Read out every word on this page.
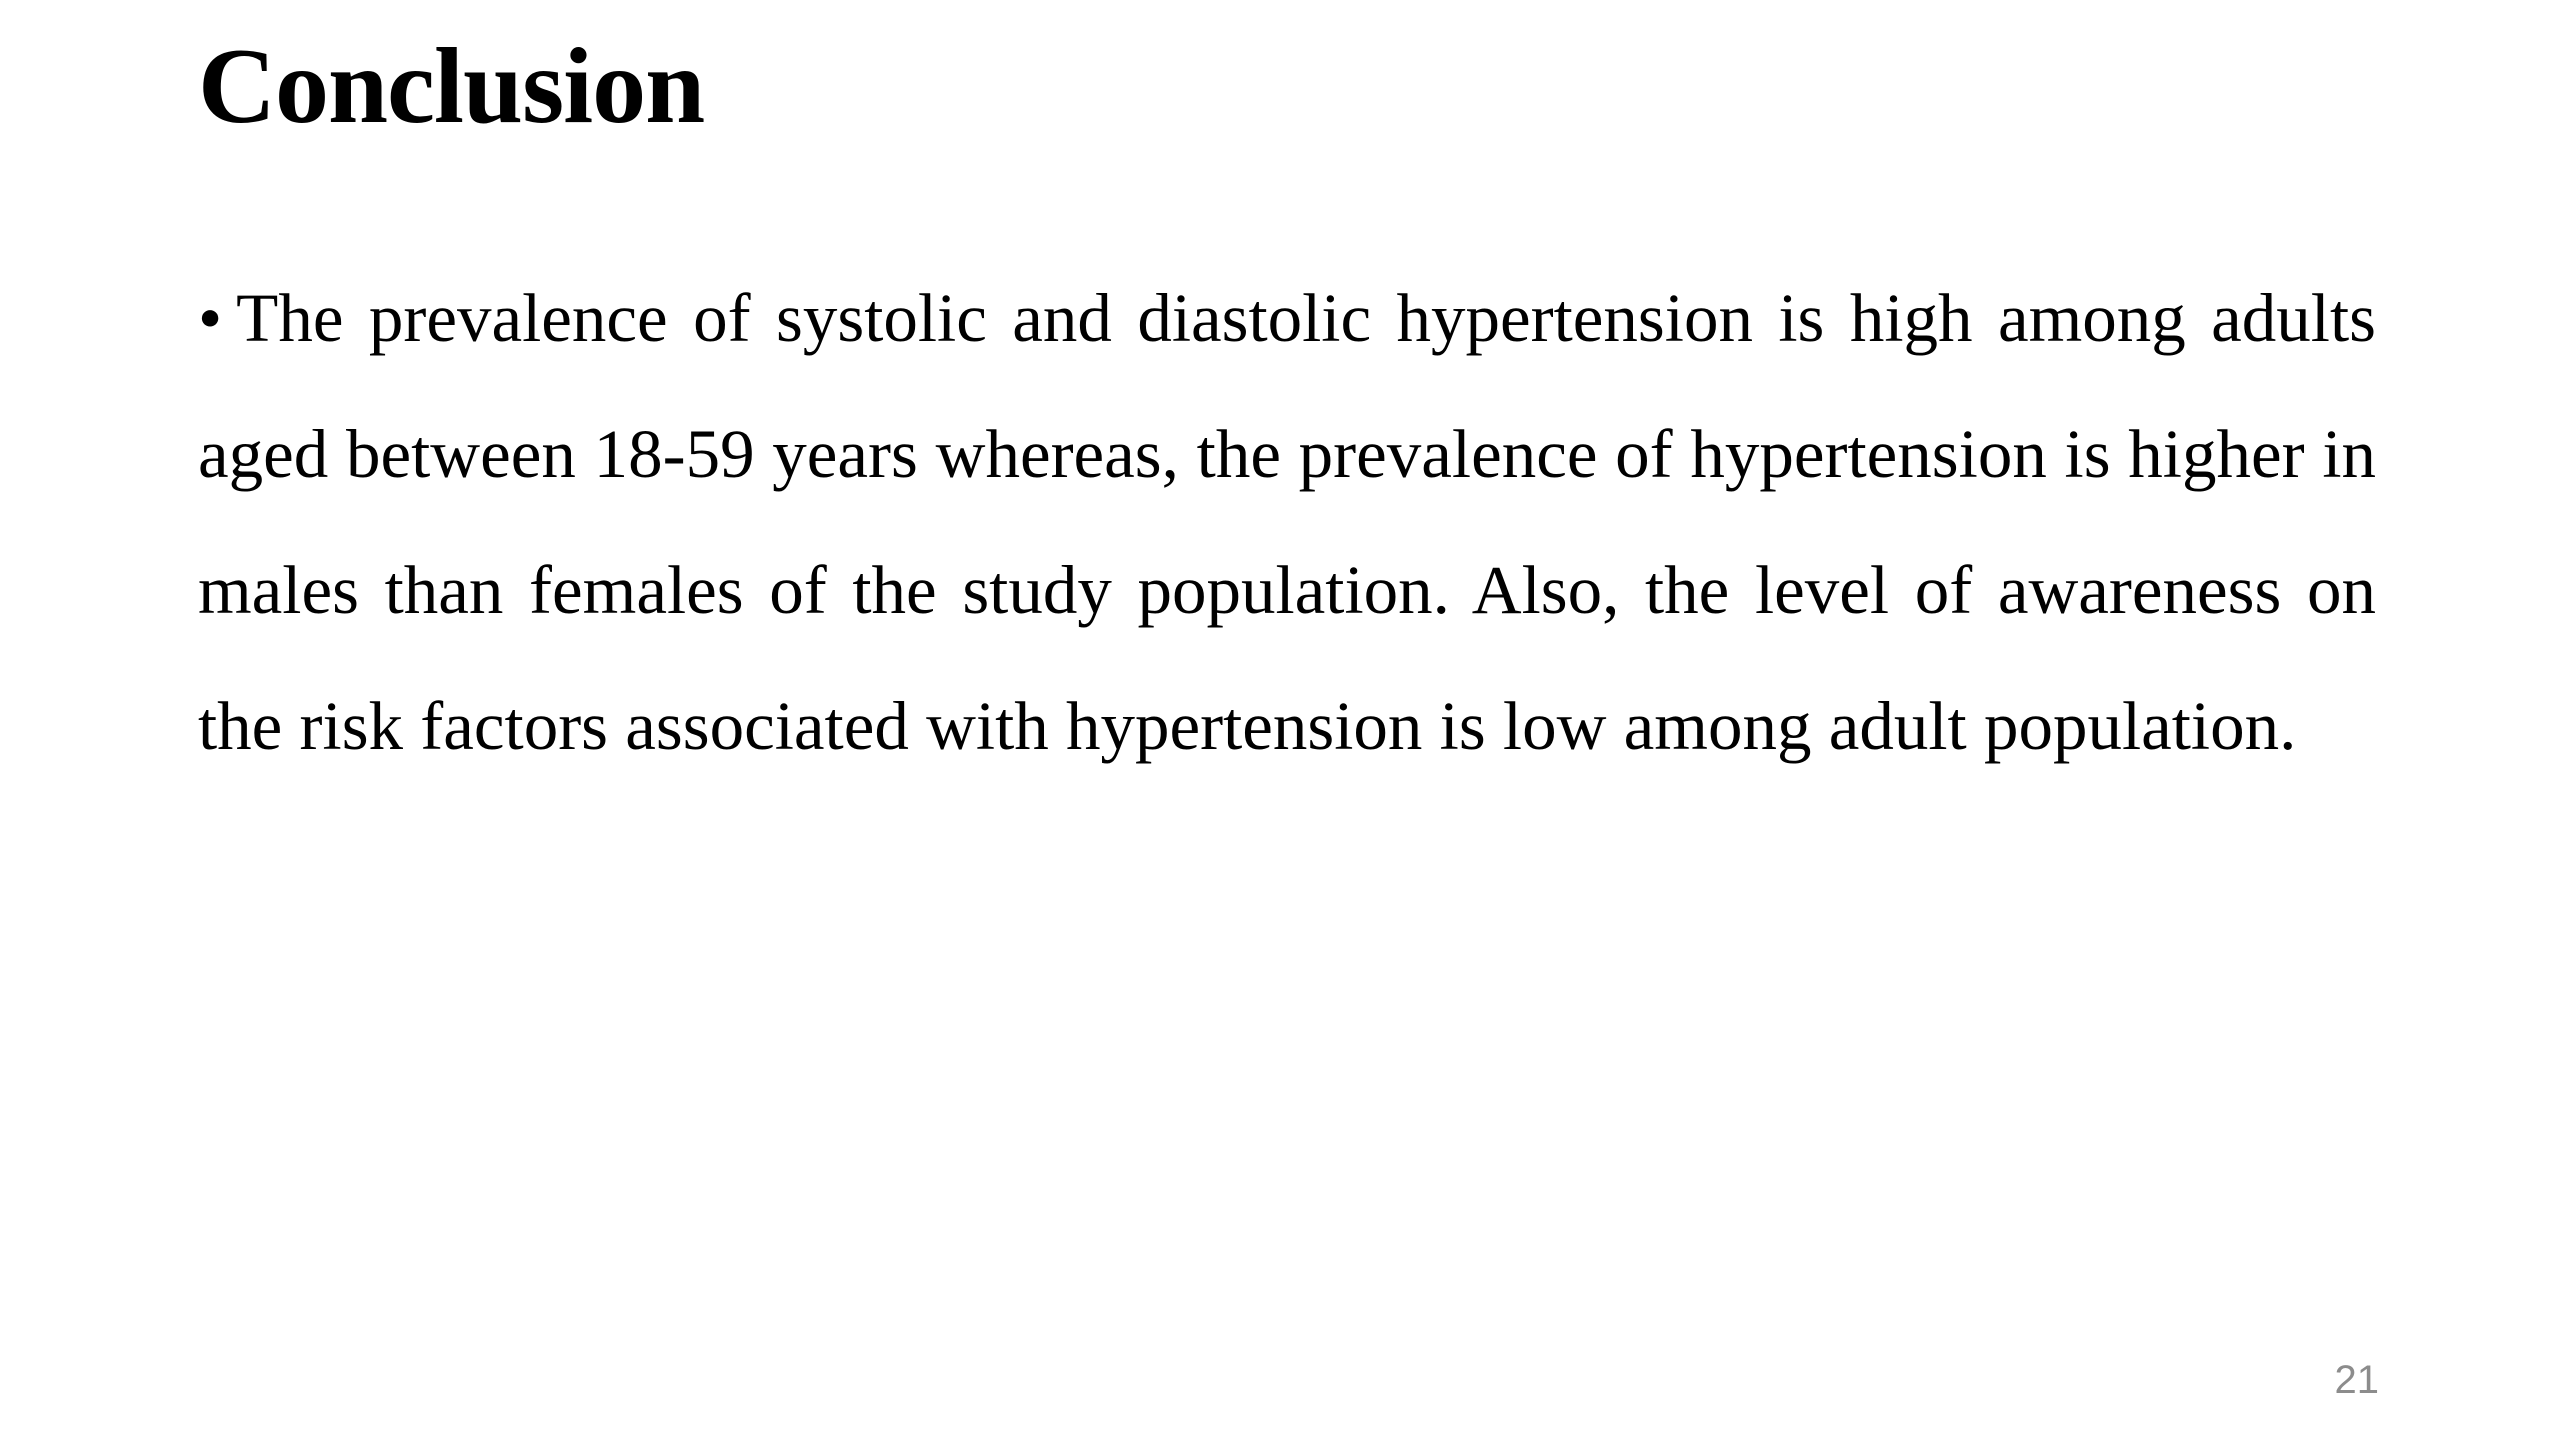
Conclusion

• The prevalence of systolic and diastolic hypertension is high among adults aged between 18-59 years whereas, the prevalence of hypertension is higher in males than females of the study population. Also, the level of awareness on the risk factors associated with hypertension is low among adult population.

21
